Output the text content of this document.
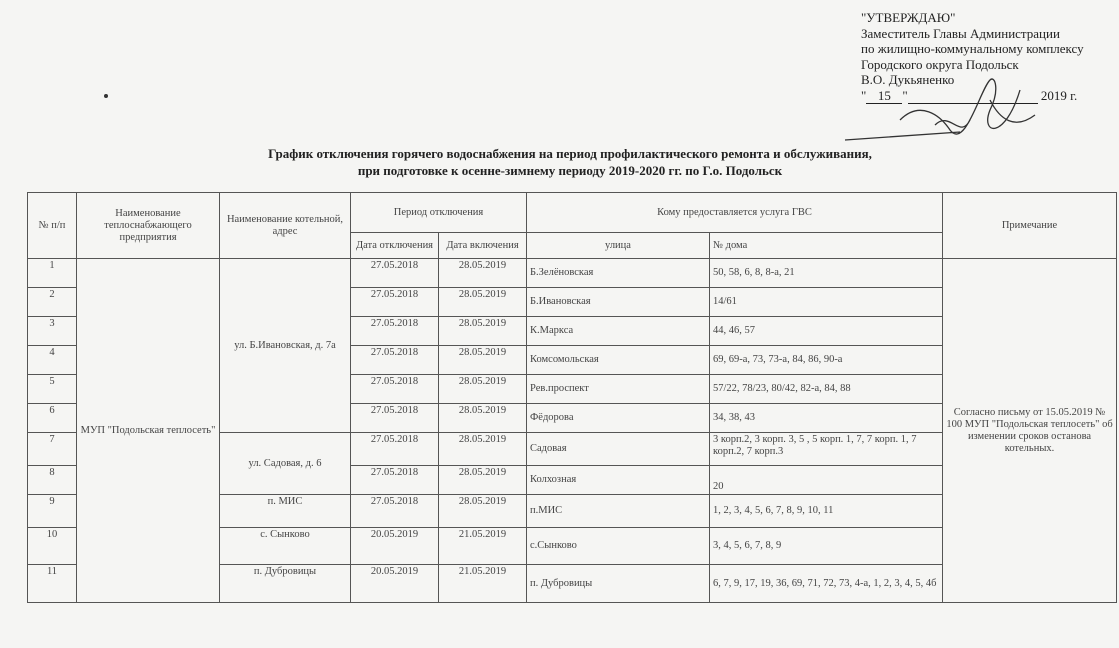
"УТВЕРЖДАЮ"
Заместитель Главы Администрации
по жилищно-коммунальному комплексу
Городского округа Подольск
В.О. Дукьяненко
" 15 "	2019 г.
График отключения горячего водоснабжения на период профилактического ремонта и обслуживания,
при подготовке к осенне-зимнему периоду 2019-2020 гг. по Г.о. Подольск
№ п/п	Наименование теплоснабжающего предприятия	Наименование котельной, адрес	Период отключения		Кому предоставляется услуга ГВС		Примечание
			Дата отключения	Дата включения	улица	№ дома	
1	МУП "Подольская теплосеть"	ул. Б.Ивановская, д. 7а	27.05.2018	28.05.2019	Б.Зелёновская	50, 58, 6, 8, 8-а, 21	Согласно письму от 15.05.2019 № 100 МУП "Подольская теплосеть" об изменении сроков останова котельных.
2			27.05.2018	28.05.2019	Б.Ивановская	14/61	
3			27.05.2018	28.05.2019	К.Маркса	44, 46, 57	
4			27.05.2018	28.05.2019	Комсомольская	69, 69-а, 73, 73-а, 84, 86, 90-а	
5			27.05.2018	28.05.2019	Рев.проспект	57/22, 78/23, 80/42, 82-а, 84, 88	
6			27.05.2018	28.05.2019	Фёдорова	34, 38, 43	
7		ул. Садовая, д. 6	27.05.2018	28.05.2019	Садовая	3 корп.2, 3 корп. 3, 5 , 5 корп. 1, 7, 7 корп. 1, 7 корп.2, 7 корп.3	
8			27.05.2018	28.05.2019	Колхозная	20	
9		п. МИС	27.05.2018	28.05.2019	п.МИС	1, 2, 3, 4, 5, 6, 7, 8, 9, 10, 11	
10		с. Сынково	20.05.2019	21.05.2019	с.Сынково	3, 4, 5, 6, 7, 8, 9	
11		п. Дубровицы	20.05.2019	21.05.2019	п. Дубровицы	6, 7, 9, 17, 19, 36, 69, 71, 72, 73, 4-а, 1, 2, 3, 4, 5, 4б	
